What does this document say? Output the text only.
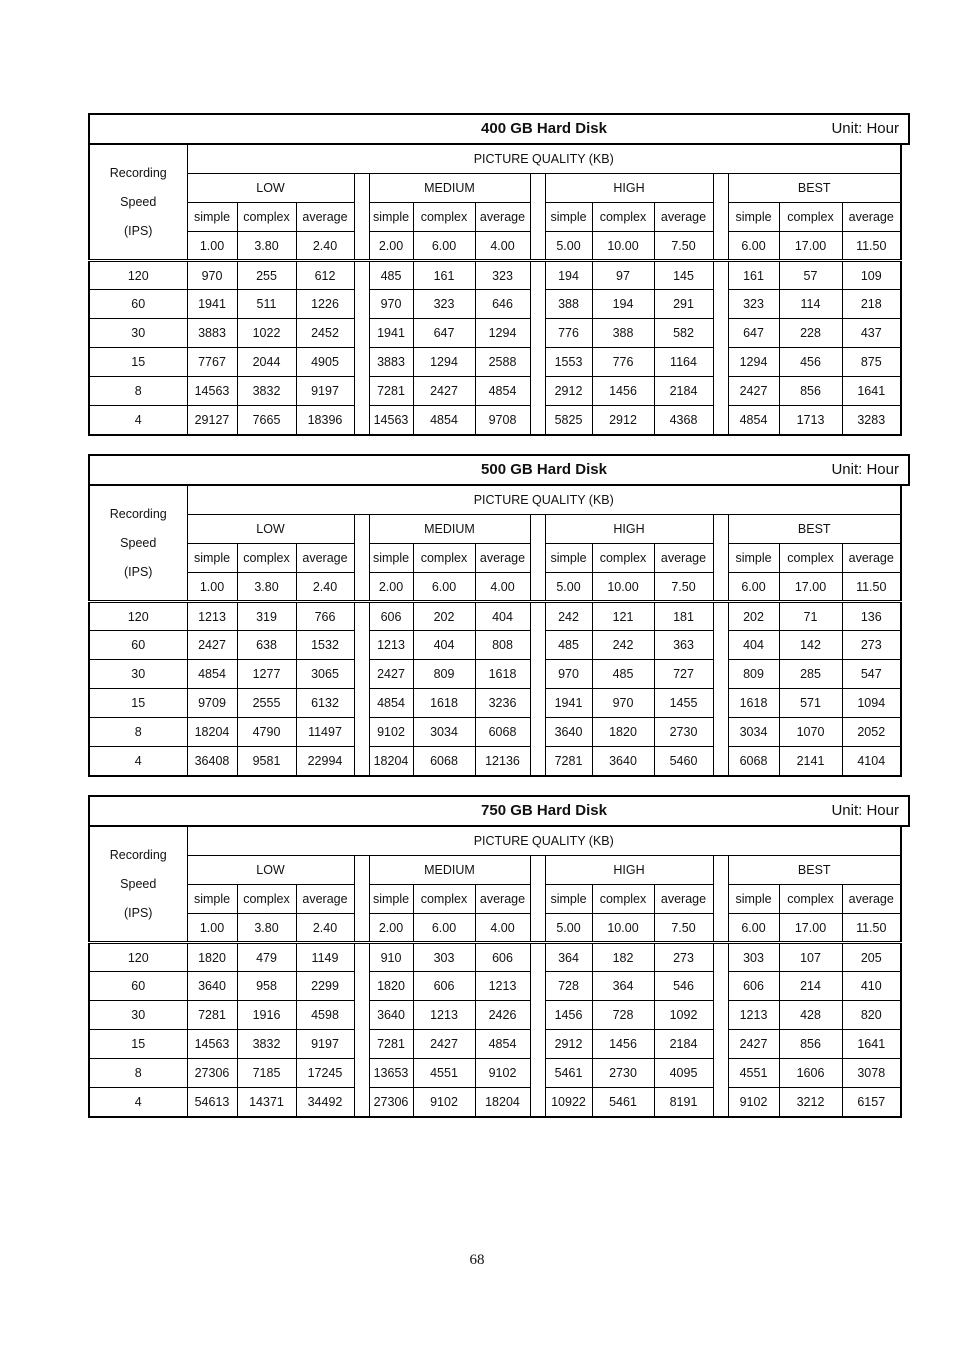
400 GB Hard Disk	Unit: Hour
Recording
Speed
(IPS)	PICTURE QUALITY (KB)														
	LOW				MEDIUM				HIGH				BEST		
	simple	complex	average		simple	complex	average		simple	complex	average		simple	complex	average
	1.00	3.80	2.40		2.00	6.00	4.00		5.00	10.00	7.50		6.00	17.00	11.50
120	970	255	612		485	161	323		194	97	145		161	57	109
60	1941	511	1226		970	323	646		388	194	291		323	114	218
30	3883	1022	2452		1941	647	1294		776	388	582		647	228	437
15	7767	2044	4905		3883	1294	2588		1553	776	1164		1294	456	875
8	14563	3832	9197		7281	2427	4854		2912	1456	2184		2427	856	1641
4	29127	7665	18396		14563	4854	9708		5825	2912	4368		4854	1713	3283
500 GB Hard Disk	Unit: Hour
Recording
Speed
(IPS)	PICTURE QUALITY (KB)														
	LOW				MEDIUM				HIGH				BEST		
	simple	complex	average		simple	complex	average		simple	complex	average		simple	complex	average
	1.00	3.80	2.40		2.00	6.00	4.00		5.00	10.00	7.50		6.00	17.00	11.50
120	1213	319	766		606	202	404		242	121	181		202	71	136
60	2427	638	1532		1213	404	808		485	242	363		404	142	273
30	4854	1277	3065		2427	809	1618		970	485	727		809	285	547
15	9709	2555	6132		4854	1618	3236		1941	970	1455		1618	571	1094
8	18204	4790	11497		9102	3034	6068		3640	1820	2730		3034	1070	2052
4	36408	9581	22994		18204	6068	12136		7281	3640	5460		6068	2141	4104
750 GB Hard Disk	Unit: Hour
Recording
Speed
(IPS)	PICTURE QUALITY (KB)														
	LOW				MEDIUM				HIGH				BEST		
	simple	complex	average		simple	complex	average		simple	complex	average		simple	complex	average
	1.00	3.80	2.40		2.00	6.00	4.00		5.00	10.00	7.50		6.00	17.00	11.50
120	1820	479	1149		910	303	606		364	182	273		303	107	205
60	3640	958	2299		1820	606	1213		728	364	546		606	214	410
30	7281	1916	4598		3640	1213	2426		1456	728	1092		1213	428	820
15	14563	3832	9197		7281	2427	4854		2912	1456	2184		2427	856	1641
8	27306	7185	17245		13653	4551	9102		5461	2730	4095		4551	1606	3078
4	54613	14371	34492		27306	9102	18204		10922	5461	8191		9102	3212	6157
68
